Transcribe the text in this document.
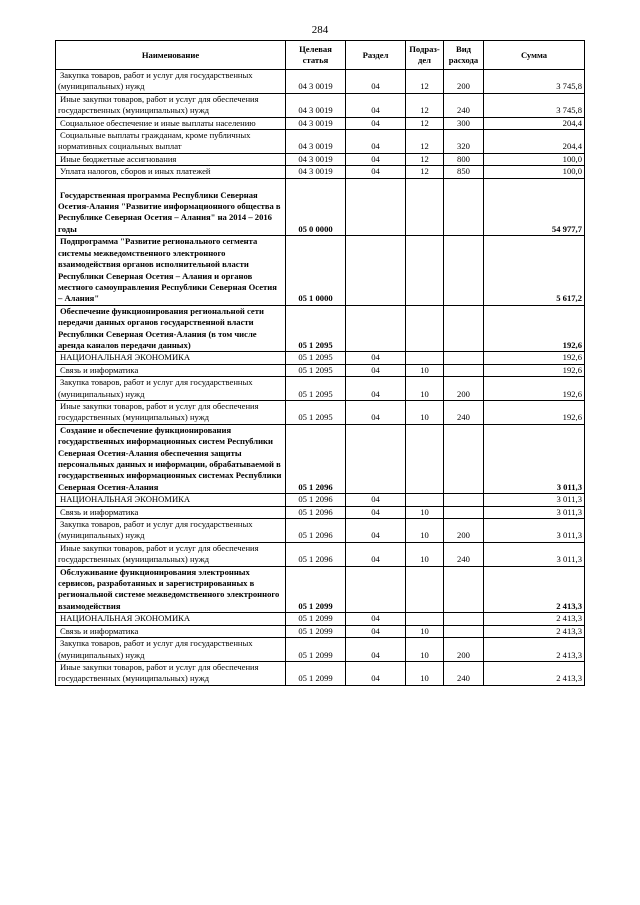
284
Наименование	Целевая статья	Раздел	Подраз-дел	Вид расхода	Сумма
Закупка товаров, работ и услуг для государственных (муниципальных) нужд	04 3 0019	04	12	200	3 745,8
Иные закупки товаров, работ и услуг для обеспечения государственных (муниципальных) нужд	04 3 0019	04	12	240	3 745,8
Социальное обеспечение и иные выплаты населению	04 3 0019	04	12	300	204,4
Социальные выплаты гражданам, кроме публичных нормативных социальных выплат	04 3 0019	04	12	320	204,4
Иные бюджетные ассигнования	04 3 0019	04	12	800	100,0
Уплата налогов, сборов и иных платежей	04 3 0019	04	12	850	100,0
Государственная программа Республики Северная Осетия-Алания "Развитие информационного общества в Республике Северная Осетия – Алания" на 2014 – 2016 годы	05 0 0000				54 977,7
Подпрограмма "Развитие регионального сегмента системы межведомственного электронного взаимодействия органов исполнительной власти Республики Северная Осетия – Алания и органов местного самоуправления Республики Северная Осетия – Алания"	05 1 0000				5 617,2
Обеспечение функционирования региональной сети передачи данных органов государственной власти Республики Северная Осетия-Алания (в том числе аренда каналов передачи данных)	05 1 2095				192,6
НАЦИОНАЛЬНАЯ ЭКОНОМИКА	05 1 2095	04			192,6
Связь и информатика	05 1 2095	04	10		192,6
Закупка товаров, работ и услуг для государственных (муниципальных) нужд	05 1 2095	04	10	200	192,6
Иные закупки товаров, работ и услуг для обеспечения государственных (муниципальных) нужд	05 1 2095	04	10	240	192,6
Создание и обеспечение функционирования государственных информационных систем Республики Северная Осетия-Алания обеспечения защиты персональных данных и информации, обрабатываемой в государственных информационных системах Республики Северная Осетия-Алания	05 1 2096				3 011,3
НАЦИОНАЛЬНАЯ ЭКОНОМИКА	05 1 2096	04			3 011,3
Связь и информатика	05 1 2096	04	10		3 011,3
Закупка товаров, работ и услуг для государственных (муниципальных) нужд	05 1 2096	04	10	200	3 011,3
Иные закупки товаров, работ и услуг для обеспечения государственных (муниципальных) нужд	05 1 2096	04	10	240	3 011,3
Обслуживание функционирования электронных сервисов, разработанных и зарегистрированных в региональной системе межведомственного электронного взаимодействия	05 1 2099				2 413,3
НАЦИОНАЛЬНАЯ ЭКОНОМИКА	05 1 2099	04			2 413,3
Связь и информатика	05 1 2099	04	10		2 413,3
Закупка товаров, работ и услуг для государственных (муниципальных) нужд	05 1 2099	04	10	200	2 413,3
Иные закупки товаров, работ и услуг для обеспечения государственных (муниципальных) нужд	05 1 2099	04	10	240	2 413,3
